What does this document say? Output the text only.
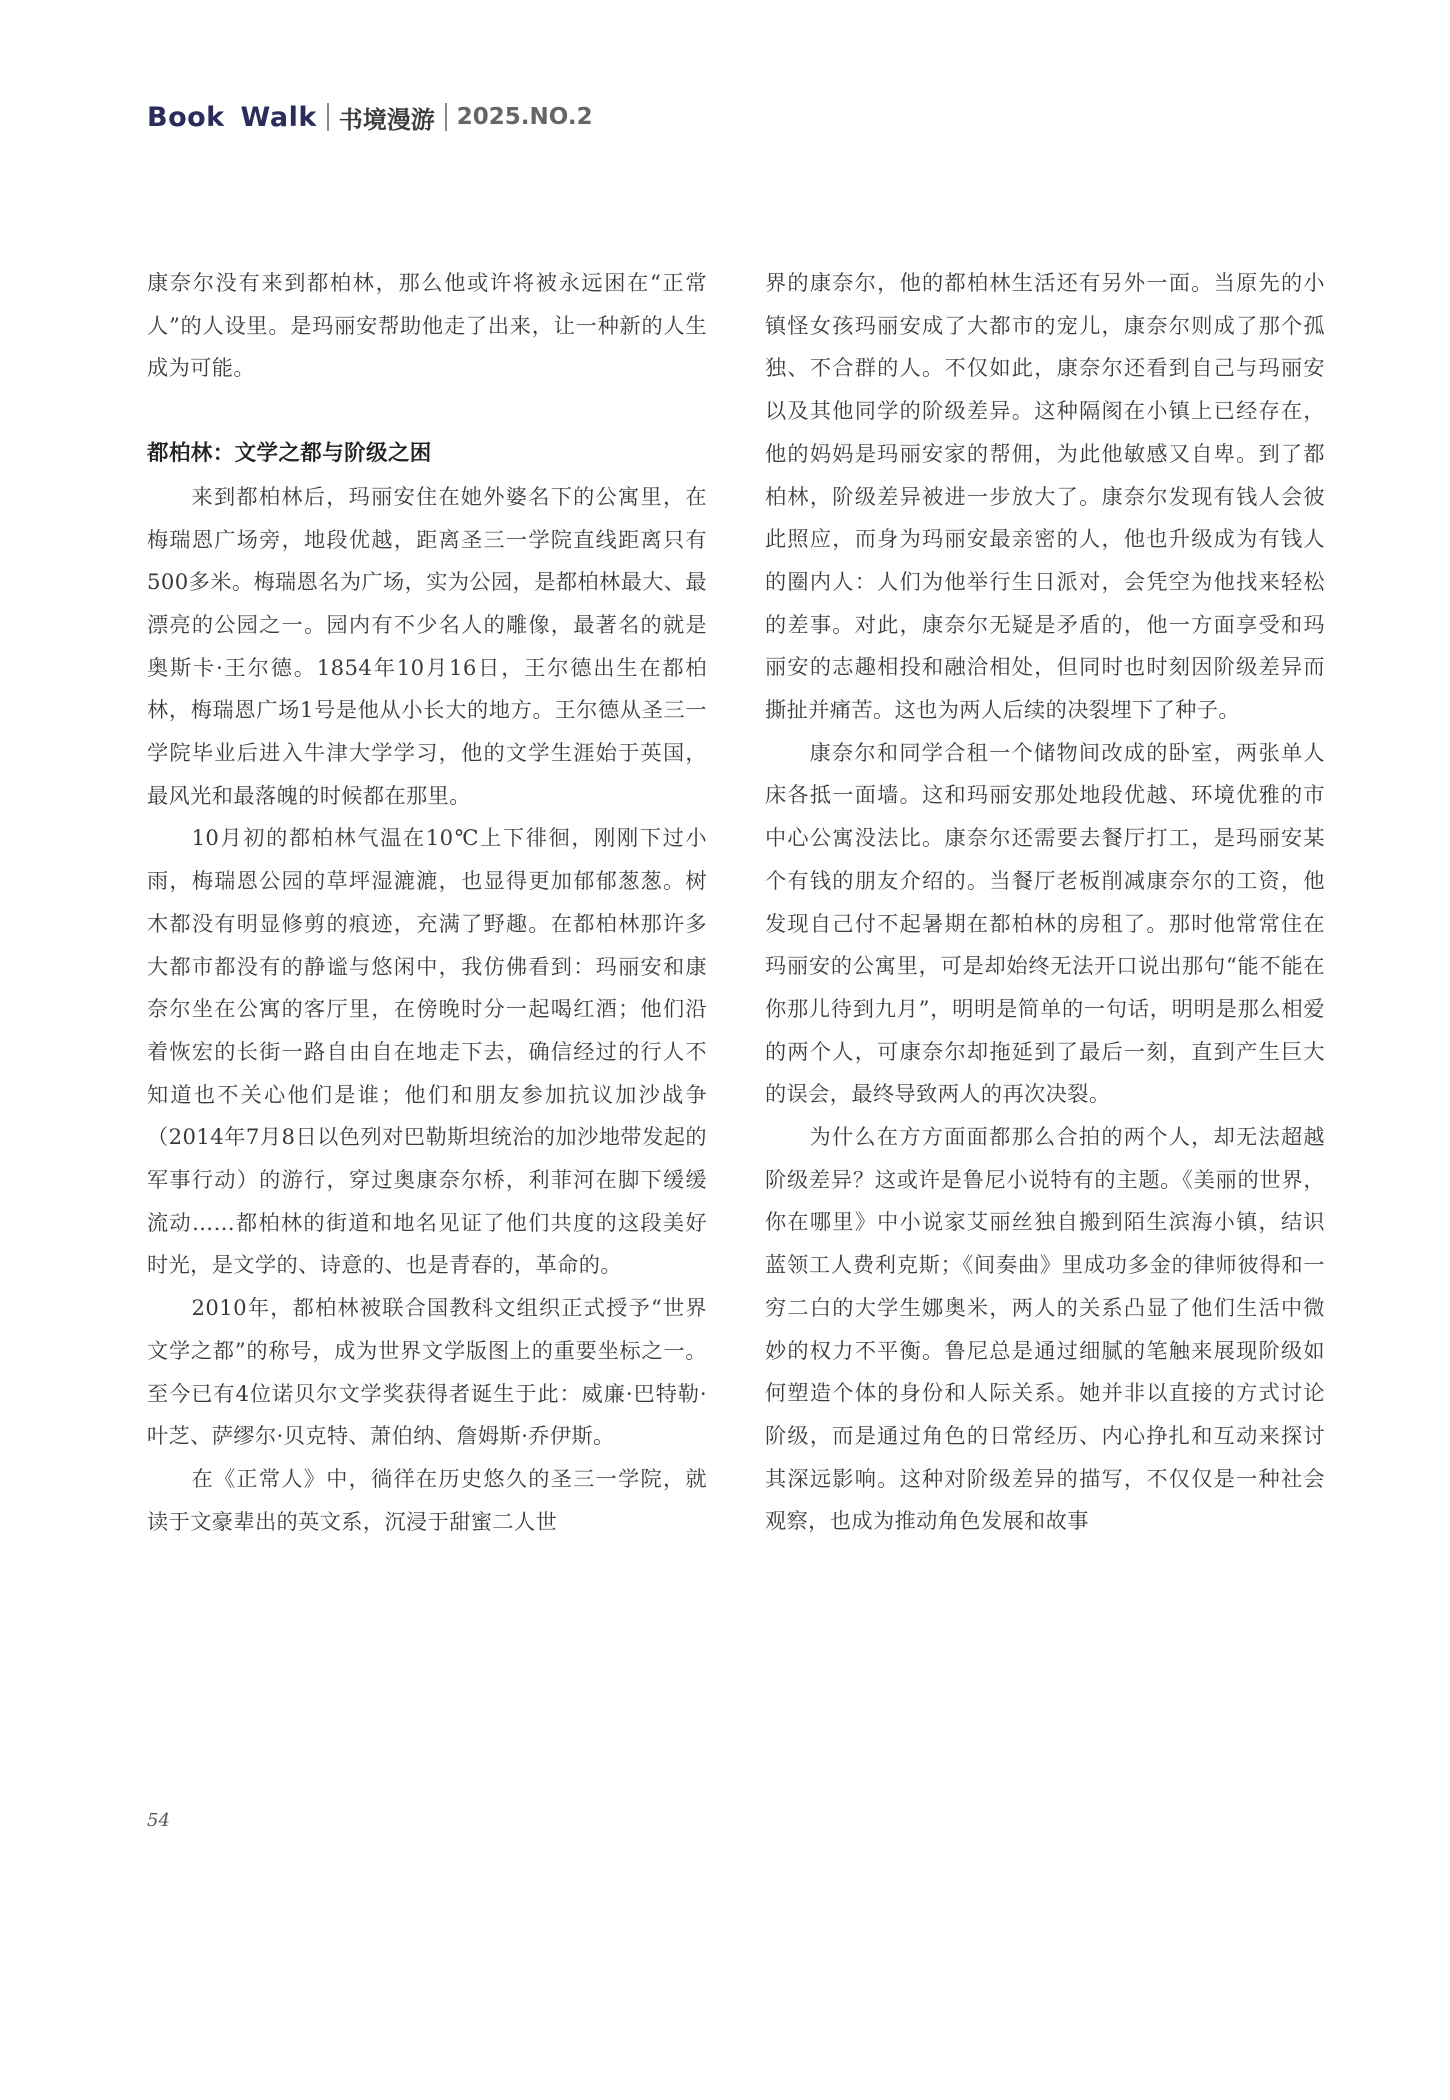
Book Walk 书境漫游 2025.NO.2

康奈尔没有来到都柏林，那么他或许将被永远困在“正常人”的人设里。是玛丽安帮助他走了出来，让一种新的人生成为可能。

都柏林：文学之都与阶级之困

来到都柏林后，玛丽安住在她外婆名下的公寓里，在梅瑞恩广场旁，地段优越，距离圣三一学院直线距离只有500多米。梅瑞恩名为广场，实为公园，是都柏林最大、最漂亮的公园之一。园内有不少名人的雕像，最著名的就是奥斯卡·王尔德。1854年10月16日，王尔德出生在都柏林，梅瑞恩广场1号是他从小长大的地方。王尔德从圣三一学院毕业后进入牛津大学学习，他的文学生涯始于英国，最风光和最落魄的时候都在那里。

10月初的都柏林气温在10℃上下徘徊，刚刚下过小雨，梅瑞恩公园的草坪湿漉漉，也显得更加郁郁葱葱。树木都没有明显修剪的痕迹，充满了野趣。在都柏林那许多大都市都没有的静谧与悠闲中，我仿佛看到：玛丽安和康奈尔坐在公寓的客厅里，在傍晚时分一起喝红酒；他们沿着恢宏的长街一路自由自在地走下去，确信经过的行人不知道也不关心他们是谁；他们和朋友参加抗议加沙战争（2014年7月8日以色列对巴勒斯坦统治的加沙地带发起的军事行动）的游行，穿过奥康奈尔桥，利菲河在脚下缓缓流动……都柏林的街道和地名见证了他们共度的这段美好时光，是文学的、诗意的、也是青春的，革命的。

2010年，都柏林被联合国教科文组织正式授予“世界文学之都”的称号，成为世界文学版图上的重要坐标之一。至今已有4位诺贝尔文学奖获得者诞生于此：威廉·巴特勒·叶芝、萨缪尔·贝克特、萧伯纳、詹姆斯·乔伊斯。

在《正常人》中，徜徉在历史悠久的圣三一学院，就读于文豪辈出的英文系，沉浸于甜蜜二人世

界的康奈尔，他的都柏林生活还有另外一面。当原先的小镇怪女孩玛丽安成了大都市的宠儿，康奈尔则成了那个孤独、不合群的人。不仅如此，康奈尔还看到自己与玛丽安以及其他同学的阶级差异。这种隔阂在小镇上已经存在，他的妈妈是玛丽安家的帮佣，为此他敏感又自卑。到了都柏林，阶级差异被进一步放大了。康奈尔发现有钱人会彼此照应，而身为玛丽安最亲密的人，他也升级成为有钱人的圈内人：人们为他举行生日派对，会凭空为他找来轻松的差事。对此，康奈尔无疑是矛盾的，他一方面享受和玛丽安的志趣相投和融洽相处，但同时也时刻因阶级差异而撕扯并痛苦。这也为两人后续的决裂埋下了种子。

康奈尔和同学合租一个储物间改成的卧室，两张单人床各抵一面墙。这和玛丽安那处地段优越、环境优雅的市中心公寓没法比。康奈尔还需要去餐厅打工，是玛丽安某个有钱的朋友介绍的。当餐厅老板削减康奈尔的工资，他发现自己付不起暑期在都柏林的房租了。那时他常常住在玛丽安的公寓里，可是却始终无法开口说出那句“能不能在你那儿待到九月”，明明是简单的一句话，明明是那么相爱的两个人，可康奈尔却拖延到了最后一刻，直到产生巨大的误会，最终导致两人的再次决裂。

为什么在方方面面都那么合拍的两个人，却无法超越阶级差异？这或许是鲁尼小说特有的主题。《美丽的世界，你在哪里》中小说家艾丽丝独自搬到陌生滨海小镇，结识蓝领工人费利克斯；《间奏曲》里成功多金的律师彼得和一穷二白的大学生娜奥米，两人的关系凸显了他们生活中微妙的权力不平衡。鲁尼总是通过细腻的笔触来展现阶级如何塑造个体的身份和人际关系。她并非以直接的方式讨论阶级，而是通过角色的日常经历、内心挣扎和互动来探讨其深远影响。这种对阶级差异的描写，不仅仅是一种社会观察，也成为推动角色发展和故事

54
